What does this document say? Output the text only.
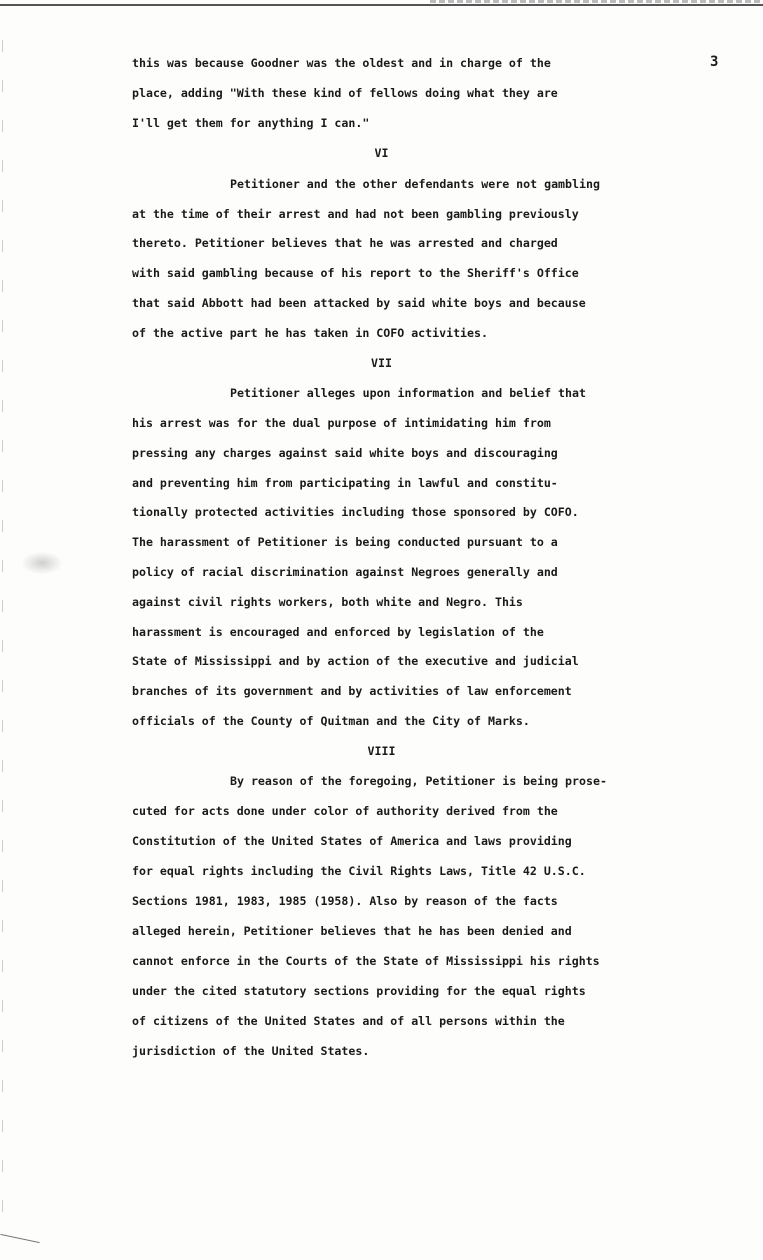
3
this was because Goodner was the oldest and in charge of the
place, adding "With these kind of fellows doing what they are
I'll get them for anything I can."
VI
Petitioner and the other defendants were not gambling
at the time of their arrest and had not been gambling previously
thereto. Petitioner believes that he was arrested and charged
with said gambling because of his report to the Sheriff's Office
that said Abbott had been attacked by said white boys and because
of the active part he has taken in COFO activities.
VII
Petitioner alleges upon information and belief that
his arrest was for the dual purpose of intimidating him from
pressing any charges against said white boys and discouraging
and preventing him from participating in lawful and constitu-
tionally protected activities including those sponsored by COFO.
The harassment of Petitioner is being conducted pursuant to a
policy of racial discrimination against Negroes generally and
against civil rights workers, both white and Negro. This
harassment is encouraged and enforced by legislation of the
State of Mississippi and by action of the executive and judicial
branches of its government and by activities of law enforcement
officials of the County of Quitman and the City of Marks.
VIII
By reason of the foregoing, Petitioner is being prose-
cuted for acts done under color of authority derived from the
Constitution of the United States of America and laws providing
for equal rights including the Civil Rights Laws, Title 42 U.S.C.
Sections 1981, 1983, 1985 (1958). Also by reason of the facts
alleged herein, Petitioner believes that he has been denied and
cannot enforce in the Courts of the State of Mississippi his rights
under the cited statutory sections providing for the equal rights
of citizens of the United States and of all persons within the
jurisdiction of the United States.
